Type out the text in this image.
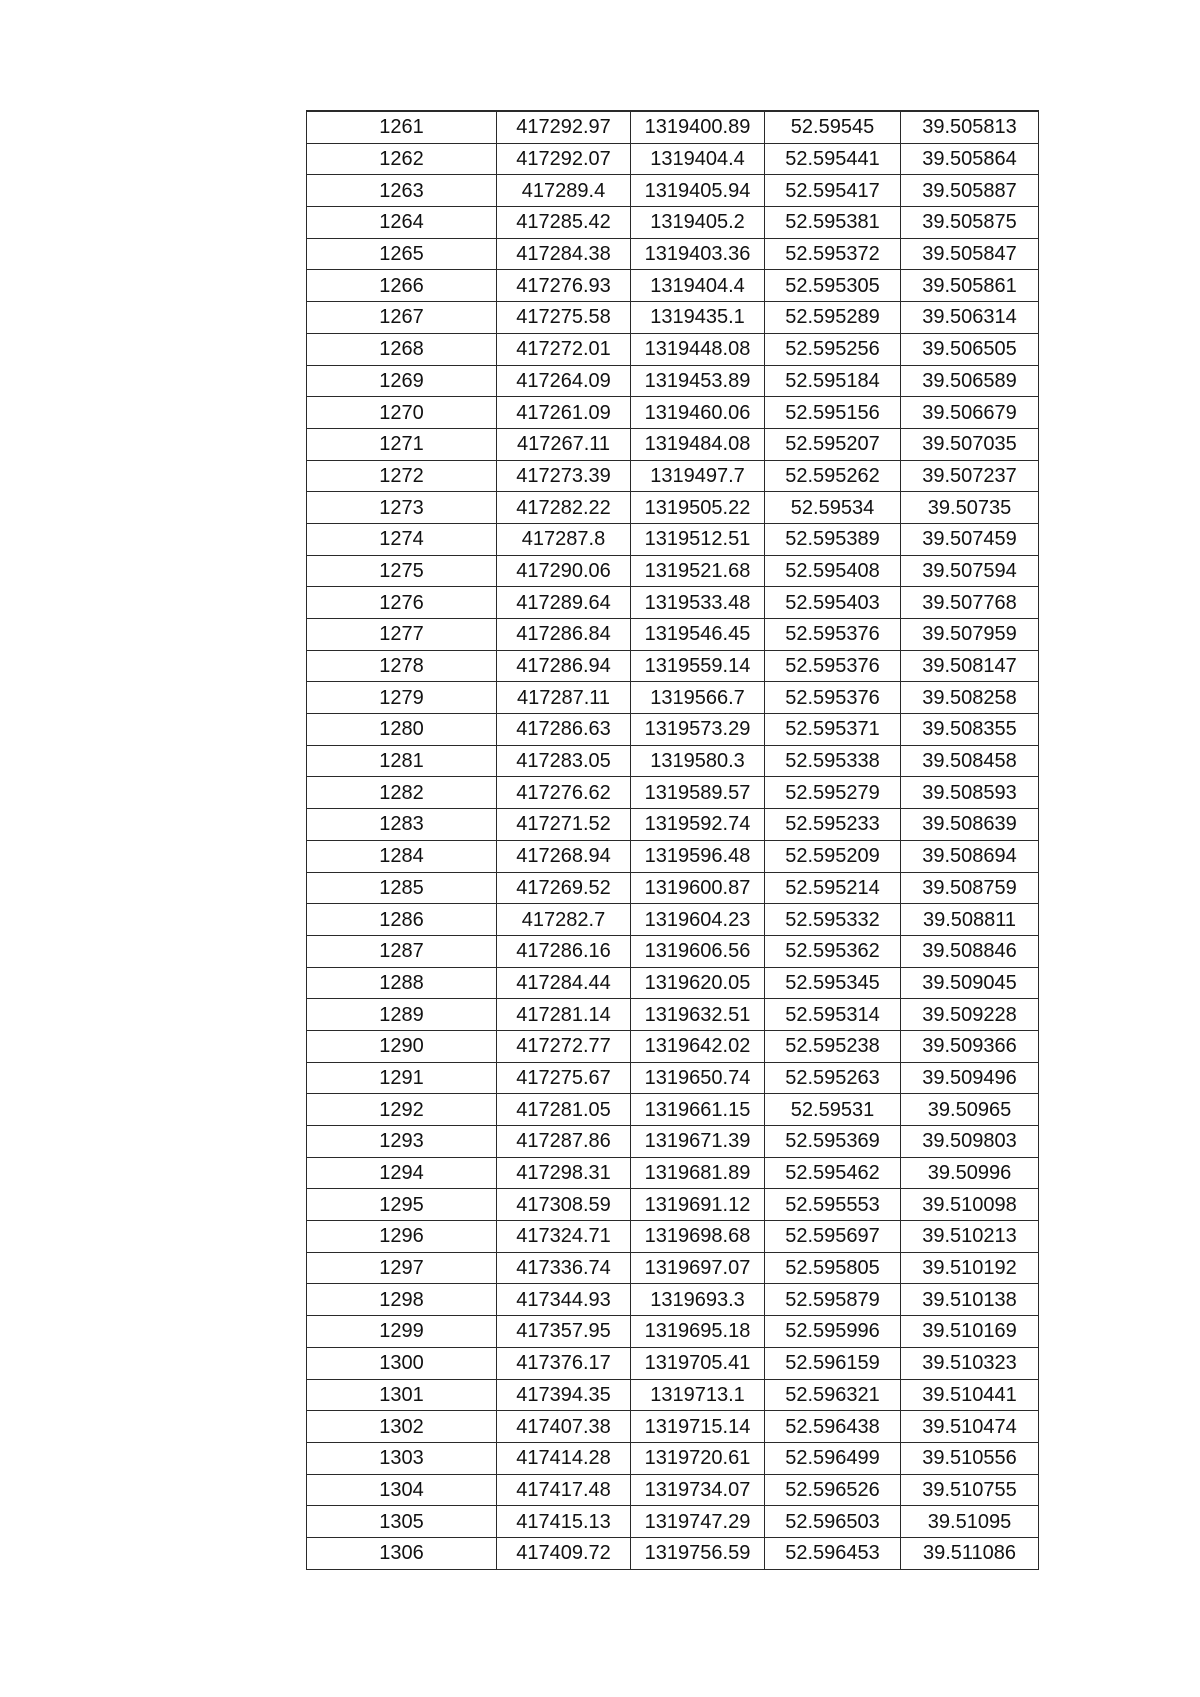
1261	417292.97	1319400.89	52.59545	39.505813
1262	417292.07	1319404.4	52.595441	39.505864
1263	417289.4	1319405.94	52.595417	39.505887
1264	417285.42	1319405.2	52.595381	39.505875
1265	417284.38	1319403.36	52.595372	39.505847
1266	417276.93	1319404.4	52.595305	39.505861
1267	417275.58	1319435.1	52.595289	39.506314
1268	417272.01	1319448.08	52.595256	39.506505
1269	417264.09	1319453.89	52.595184	39.506589
1270	417261.09	1319460.06	52.595156	39.506679
1271	417267.11	1319484.08	52.595207	39.507035
1272	417273.39	1319497.7	52.595262	39.507237
1273	417282.22	1319505.22	52.59534	39.50735
1274	417287.8	1319512.51	52.595389	39.507459
1275	417290.06	1319521.68	52.595408	39.507594
1276	417289.64	1319533.48	52.595403	39.507768
1277	417286.84	1319546.45	52.595376	39.507959
1278	417286.94	1319559.14	52.595376	39.508147
1279	417287.11	1319566.7	52.595376	39.508258
1280	417286.63	1319573.29	52.595371	39.508355
1281	417283.05	1319580.3	52.595338	39.508458
1282	417276.62	1319589.57	52.595279	39.508593
1283	417271.52	1319592.74	52.595233	39.508639
1284	417268.94	1319596.48	52.595209	39.508694
1285	417269.52	1319600.87	52.595214	39.508759
1286	417282.7	1319604.23	52.595332	39.508811
1287	417286.16	1319606.56	52.595362	39.508846
1288	417284.44	1319620.05	52.595345	39.509045
1289	417281.14	1319632.51	52.595314	39.509228
1290	417272.77	1319642.02	52.595238	39.509366
1291	417275.67	1319650.74	52.595263	39.509496
1292	417281.05	1319661.15	52.59531	39.50965
1293	417287.86	1319671.39	52.595369	39.509803
1294	417298.31	1319681.89	52.595462	39.50996
1295	417308.59	1319691.12	52.595553	39.510098
1296	417324.71	1319698.68	52.595697	39.510213
1297	417336.74	1319697.07	52.595805	39.510192
1298	417344.93	1319693.3	52.595879	39.510138
1299	417357.95	1319695.18	52.595996	39.510169
1300	417376.17	1319705.41	52.596159	39.510323
1301	417394.35	1319713.1	52.596321	39.510441
1302	417407.38	1319715.14	52.596438	39.510474
1303	417414.28	1319720.61	52.596499	39.510556
1304	417417.48	1319734.07	52.596526	39.510755
1305	417415.13	1319747.29	52.596503	39.51095
1306	417409.72	1319756.59	52.596453	39.511086
